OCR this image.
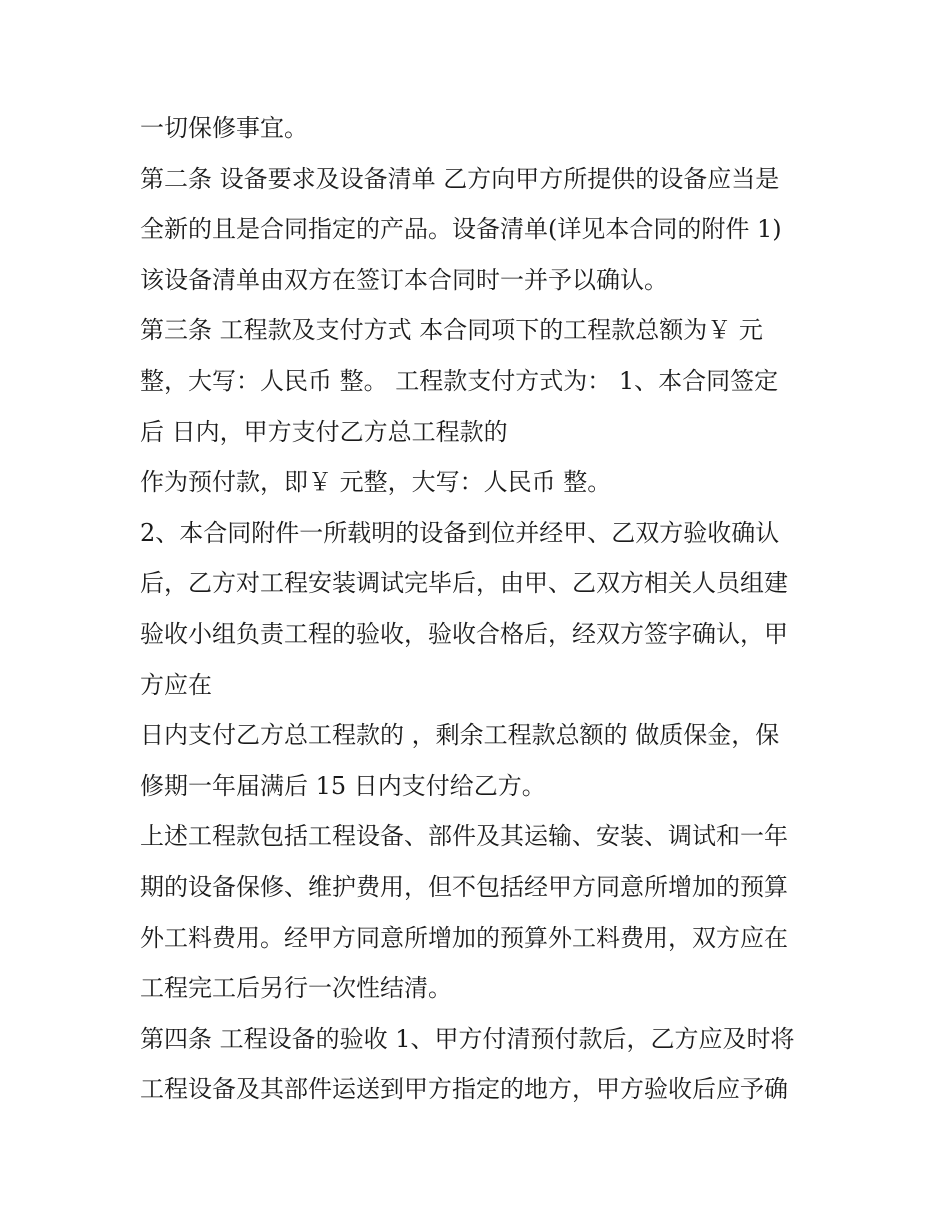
一切保修事宜。
第二条 设备要求及设备清单 乙方向甲方所提供的设备应当是
全新的且是合同指定的产品。设备清单(详见本合同的附件 1)
该设备清单由双方在签订本合同时一并予以确认。
第三条 工程款及支付方式 本合同项下的工程款总额为￥ 元
整，大写：人民币 整。 工程款支付方式为： 1、本合同签定
后 日内，甲方支付乙方总工程款的
作为预付款，即￥ 元整，大写：人民币 整。
2、本合同附件一所载明的设备到位并经甲、乙双方验收确认
后，乙方对工程安装调试完毕后，由甲、乙双方相关人员组建
验收小组负责工程的验收，验收合格后，经双方签字确认，甲
方应在
日内支付乙方总工程款的 ，剩余工程款总额的 做质保金，保
修期一年届满后 15 日内支付给乙方。
上述工程款包括工程设备、部件及其运输、安装、调试和一年
期的设备保修、维护费用，但不包括经甲方同意所增加的预算
外工料费用。经甲方同意所增加的预算外工料费用，双方应在
工程完工后另行一次性结清。
第四条 工程设备的验收 1、甲方付清预付款后，乙方应及时将
工程设备及其部件运送到甲方指定的地方，甲方验收后应予确
